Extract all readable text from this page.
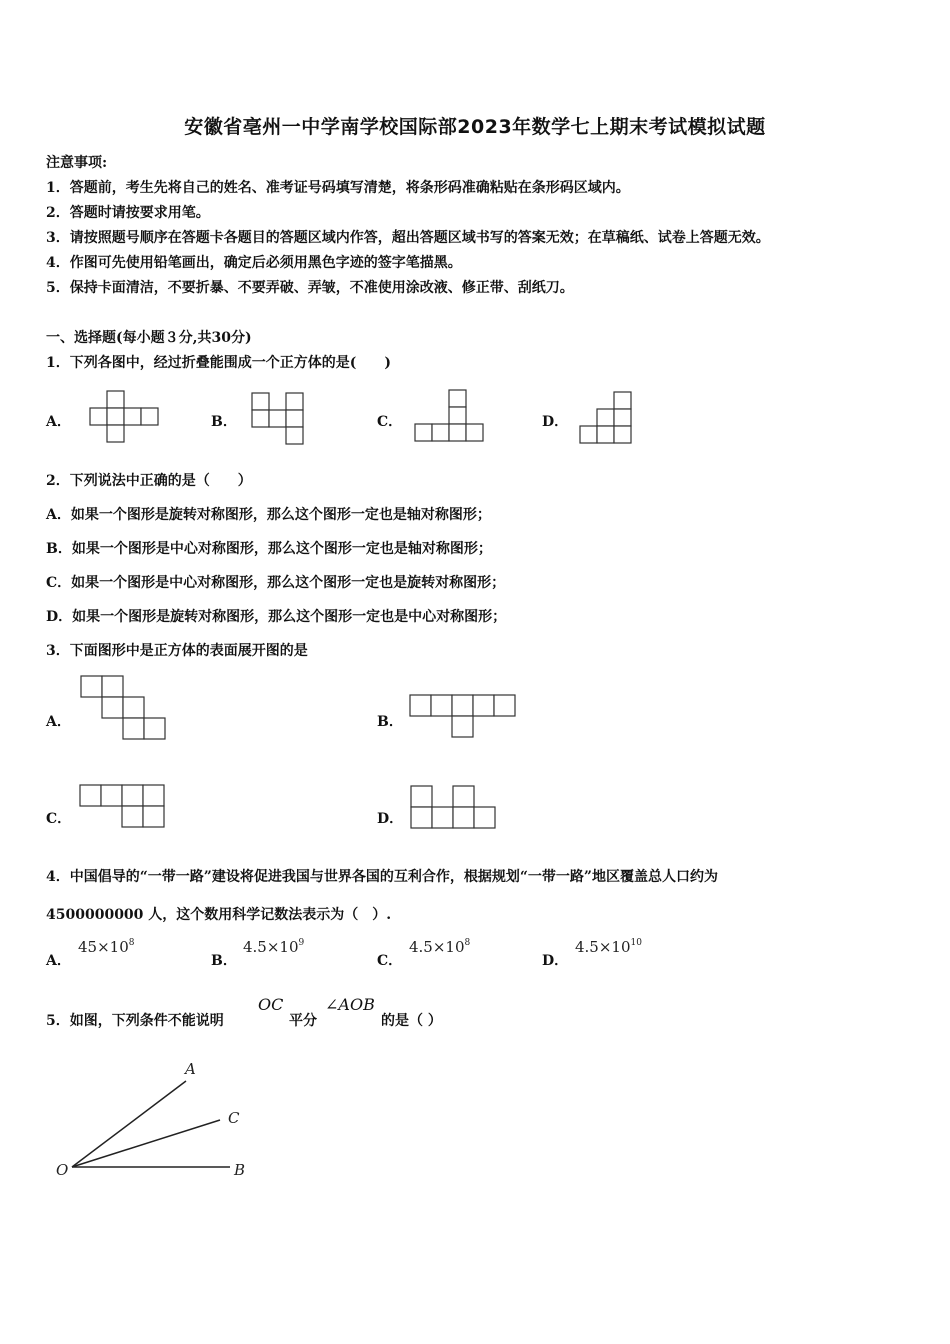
安徽省亳州一中学南学校国际部2023年数学七上期末考试模拟试题
注意事项:
1．答题前，考生先将自己的姓名、准考证号码填写清楚，将条形码准确粘贴在条形码区域内。
2．答题时请按要求用笔。
3．请按照题号顺序在答题卡各题目的答题区域内作答，超出答题区域书写的答案无效；在草稿纸、试卷上答题无效。
4．作图可先使用铅笔画出，确定后必须用黑色字迹的签字笔描黑。
5．保持卡面清洁，不要折暴、不要弄破、弄皱，不准使用涂改液、修正带、刮纸刀。
一、选择题(每小题３分,共30分)
1．下列各图中，经过折叠能围成一个正方体的是(　　)
A．	B．	C．	D．
2．下列说法中正确的是（　　）
A．如果一个图形是旋转对称图形，那么这个图形一定也是轴对称图形；
B．如果一个图形是中心对称图形，那么这个图形一定也是轴对称图形；
C．如果一个图形是中心对称图形，那么这个图形一定也是旋转对称图形；
D．如果一个图形是旋转对称图形，那么这个图形一定也是中心对称图形；
3．下面图形中是正方体的表面展开图的是
A．	B．
C．	D．
4．中国倡导的“一带一路”建设将促进我国与世界各国的互利合作，根据规划“一带一路”地区覆盖总人口约为
4500000000 人，这个数用科学记数法表示为（　）.
A．
$45\times 10^8$
B．
$4.5\times 10^9$
C．
$4.5\times 10^8$
D．
$4.5\times 10^{10}$
5．如图，下列条件不能说明
OC
平分
∠AOB
的是（ ）
A
C
O	B
